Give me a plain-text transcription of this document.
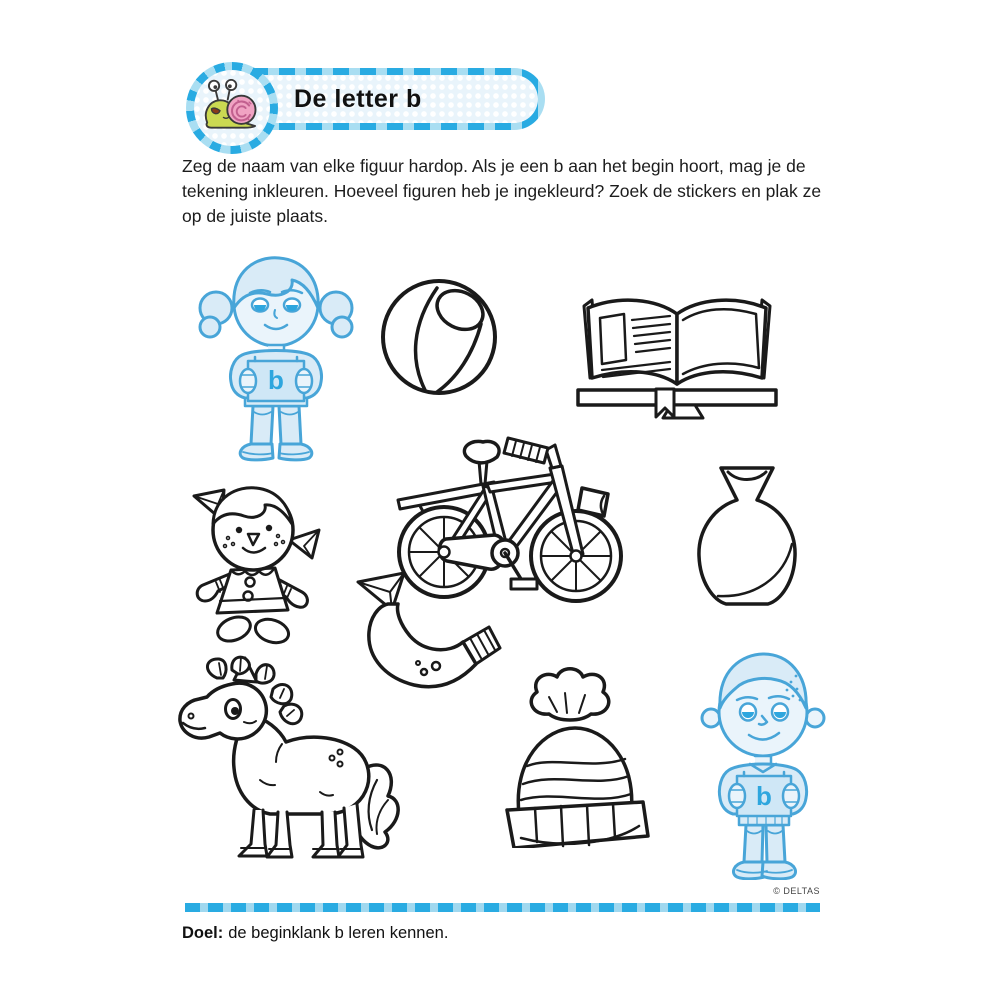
De letter b

Zeg de naam van elke figuur hardop. Als je een b aan het begin hoort, mag je de tekening inkleuren. Hoeveel figuren heb je ingekleurd? Zoek de stickers en plak ze op de juiste plaats.

b
b
© DELTAS

Doel: de beginklank b leren kennen.
